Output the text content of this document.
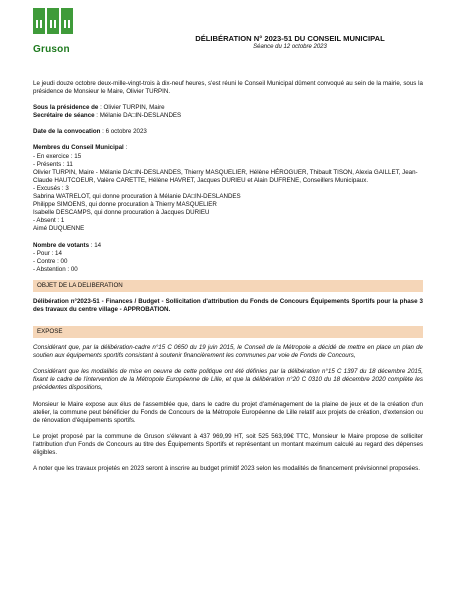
Gruson
DÉLIBÉRATION N° 2023-51 DU CONSEIL MUNICIPAL
Séance du 12 octobre 2023

Le jeudi douze octobre deux-mille-vingt-trois à dix-neuf heures, s'est réuni le Conseil Municipal dûment convoqué au sein de la mairie, sous la présidence de Monsieur le Maire, Olivier TURPIN.

Sous la présidence de : Olivier TURPIN, Maire

Secrétaire de séance : Mélanie DA□IN-DESLANDES

Date de la convocation : 6 octobre 2023

Membres du Conseil Municipal :

- En exercice : 15

- Présents : 11

Olivier TURPIN, Maire - Mélanie DA□IN-DESLANDES, Thierry MASQUELIER, Hélène HÉROGUER, Thibault TISON, Alexia GAILLET, Jean-Claude HAUTCOEUR, Valère CARETTE, Hélène HAVRET, Jacques DURIEU et Alain DUFRENE, Conseillers Municipaux.

- Excusés : 3

Sabrina WATRELOT, qui donne procuration à Mélanie DA□IN-DESLANDES

Philippe SIMOENS, qui donne procuration à Thierry MASQUELIER

Isabelle DESCAMPS, qui donne procuration à Jacques DURIEU

- Absent : 1

Aimé DUQUENNE

Nombre de votants : 14

- Pour : 14

- Contre : 00

- Abstention : 00

OBJET DE LA DELIBERATION

Délibération n°2023-51 - Finances / Budget - Sollicitation d'attribution du Fonds de Concours Équipements Sportifs pour la phase 3 des travaux du centre village - APPROBATION.

EXPOSE

Considérant que, par la délibération-cadre n°15 C 0650 du 19 juin 2015, le Conseil de la Métropole a décidé de mettre en place un plan de soutien aux équipements sportifs consistant à soutenir financièrement les communes par voie de Fonds de Concours,

Considérant que les modalités de mise en oeuvre de cette politique ont été définies par la délibération n°15 C 1397 du 18 décembre 2015, fixant le cadre de l'intervention de la Métropole Européenne de Lille, et que la délibération n°20 C 0310 du 18 décembre 2020 complète les précédentes dispositions,

Monsieur le Maire expose aux élus de l'assemblée que, dans le cadre du projet d'aménagement de la plaine de jeux et de la création d'un atelier, la commune peut bénéficier du Fonds de Concours de la Métropole Européenne de Lille relatif aux projets de création, d'extension ou de rénovation d'équipements sportifs.

Le projet proposé par la commune de Gruson s'élevant à 437 969,99 HT, soit 525 563,99€ TTC, Monsieur le Maire propose de solliciter l'attribution d'un Fonds de Concours au titre des Équipements Sportifs et représentant un montant maximum calculé au regard des dépenses éligibles.

A noter que les travaux projetés en 2023 seront à inscrire au budget primitif 2023 selon les modalités de financement prévisionnel proposées.
